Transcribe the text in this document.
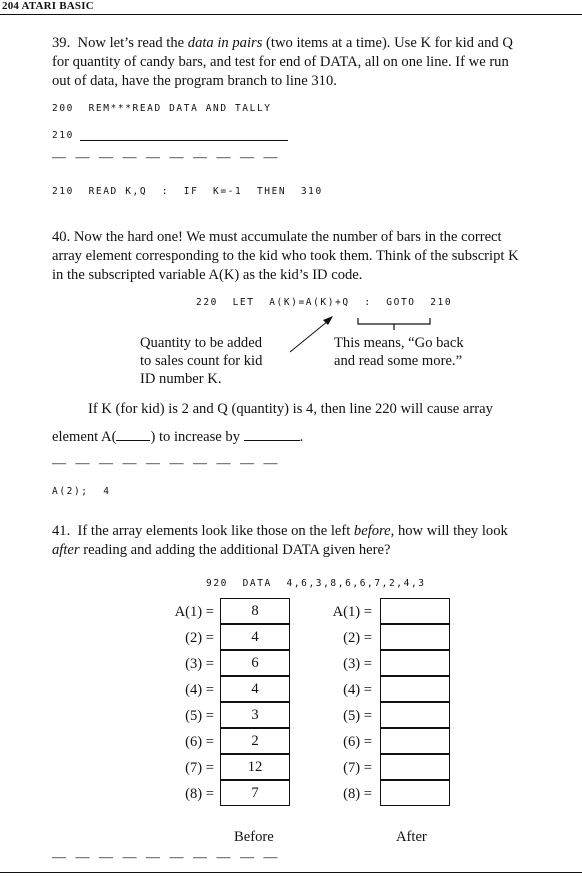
204 ATARI BASIC
39.  Now let’s read the data in pairs (two items at a time). Use K for kid and Q
for quantity of candy bars, and test for end of DATA, all on one line. If we run
out of data, have the program branch to line 310.
200  REM***READ DATA AND TALLY
210
— — — — — — — — — —
210  READ K,Q  :  IF  K=-1  THEN  310
40. Now the hard one! We must accumulate the number of bars in the correct
array element corresponding to the kid who took them. Think of the subscript K
in the subscripted variable A(K) as the kid’s ID code.
220  LET  A(K)=A(K)+Q  :  GOTO  210
Quantity to be added
to sales count for kid
ID number K.
This means, “Go back
and read some more.”
If K (for kid) is 2 and Q (quantity) is 4, then line 220 will cause array
element A( ) to increase by	.
— — — — — — — — — —
A(2);  4
41.  If the array elements look like those on the left before, how will they look
after reading and adding the additional DATA given here?
920  DATA  4,6,3,8,6,6,7,2,4,3
A(1) =
(2) =
(3) =
(4) =
(5) =
(6) =
(7) =
(8) =
8
4
6
4
3
2
12
7
A(1) =
(2) =
(3) =
(4) =
(5) =
(6) =
(7) =
(8) =
Before	After
— — — — — — — — — —
